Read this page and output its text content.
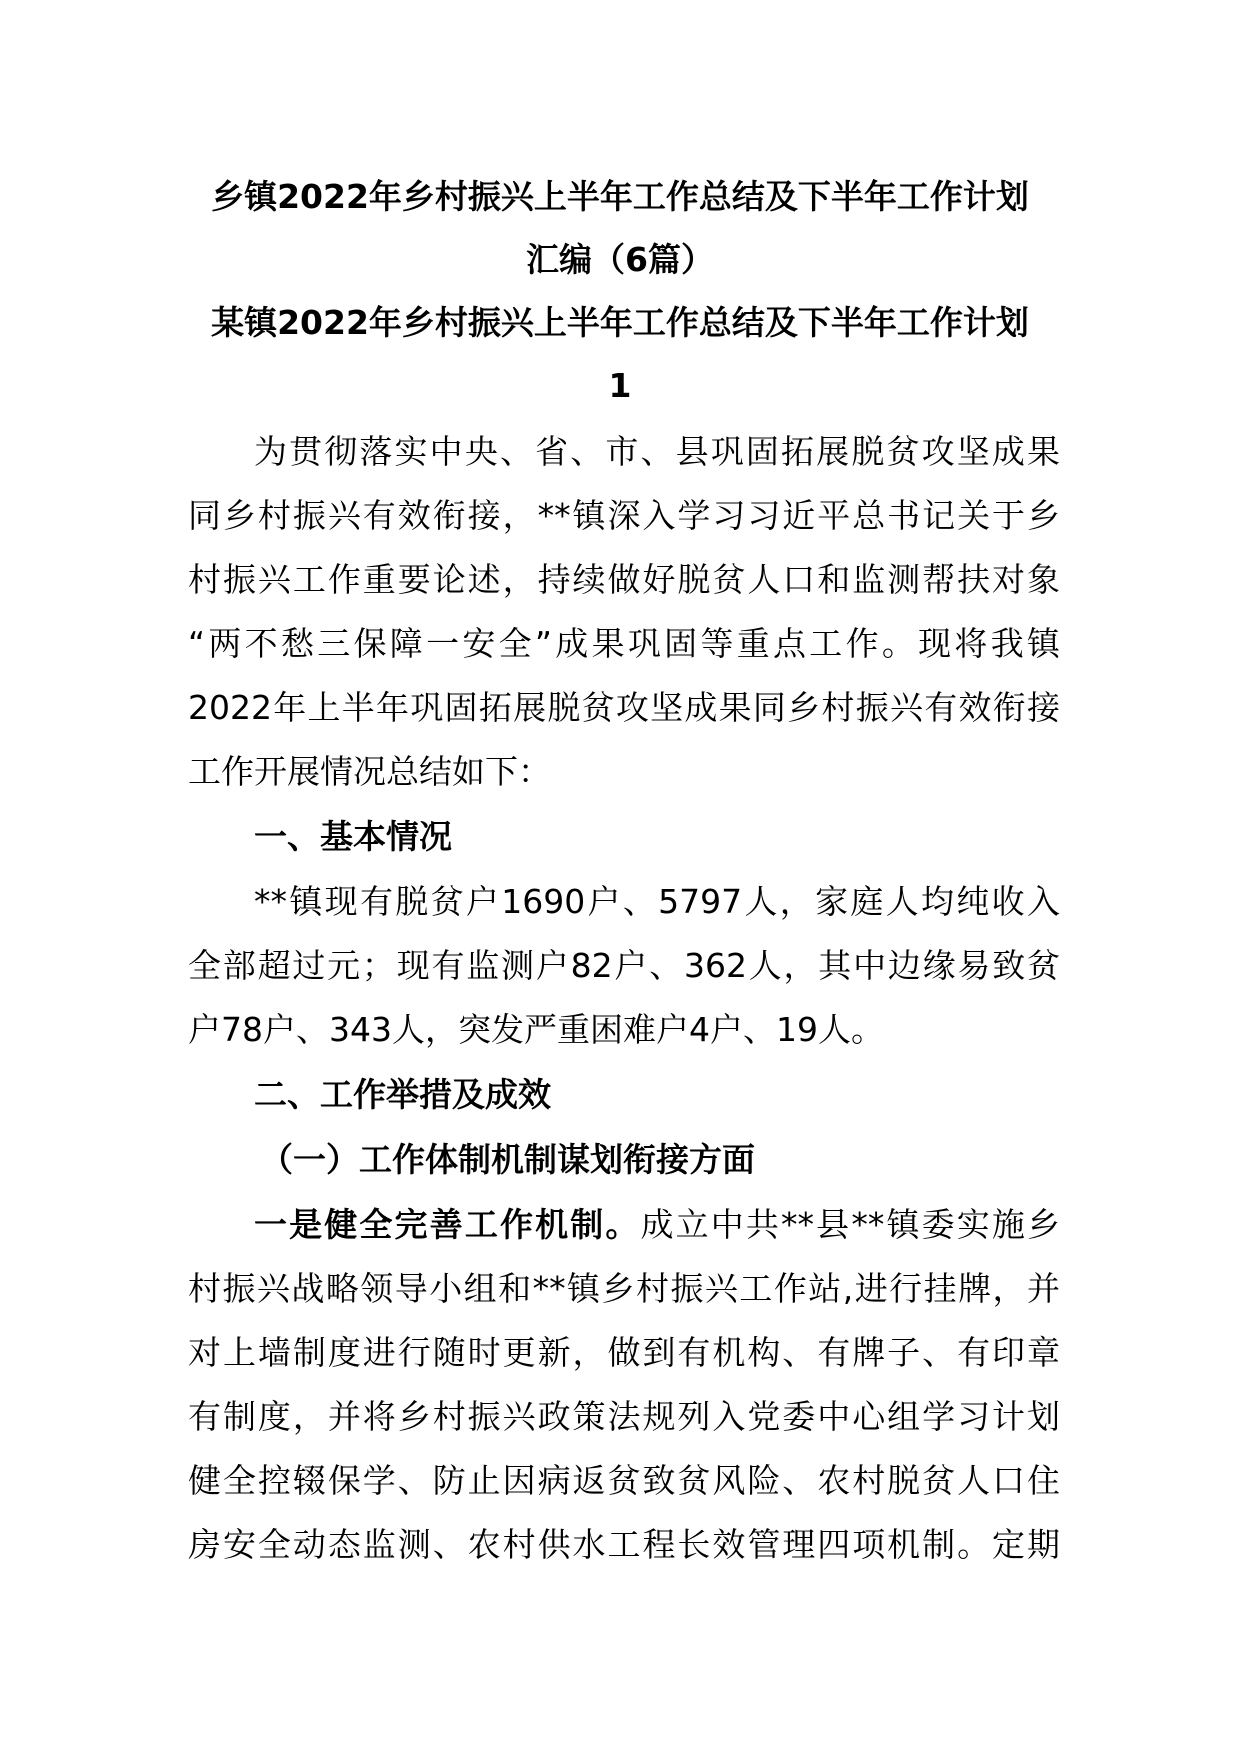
乡镇2022年乡村振兴上半年工作总结及下半年工作计划
汇编（6篇）
某镇2022年乡村振兴上半年工作总结及下半年工作计划
1
为贯彻落实中央、省、市、县巩固拓展脱贫攻坚成果
同乡村振兴有效衔接，**镇深入学习习近平总书记关于乡
村振兴工作重要论述，持续做好脱贫人口和监测帮扶对象
“两不愁三保障一安全”成果巩固等重点工作。现将我镇
2022年上半年巩固拓展脱贫攻坚成果同乡村振兴有效衔接
工作开展情况总结如下：
一、基本情况
**镇现有脱贫户1690户、5797人，家庭人均纯收入
全部超过元；现有监测户82户、362人，其中边缘易致贫
户78户、343人，突发严重困难户4户、19人。
二、工作举措及成效
（一）工作体制机制谋划衔接方面
一是健全完善工作机制。成立中共**县**镇委实施乡
村振兴战略领导小组和**镇乡村振兴工作站,进行挂牌，并
对上墙制度进行随时更新，做到有机构、有牌子、有印章
有制度，并将乡村振兴政策法规列入党委中心组学习计划
健全控辍保学、防止因病返贫致贫风险、农村脱贫人口住
房安全动态监测、农村供水工程长效管理四项机制。定期
